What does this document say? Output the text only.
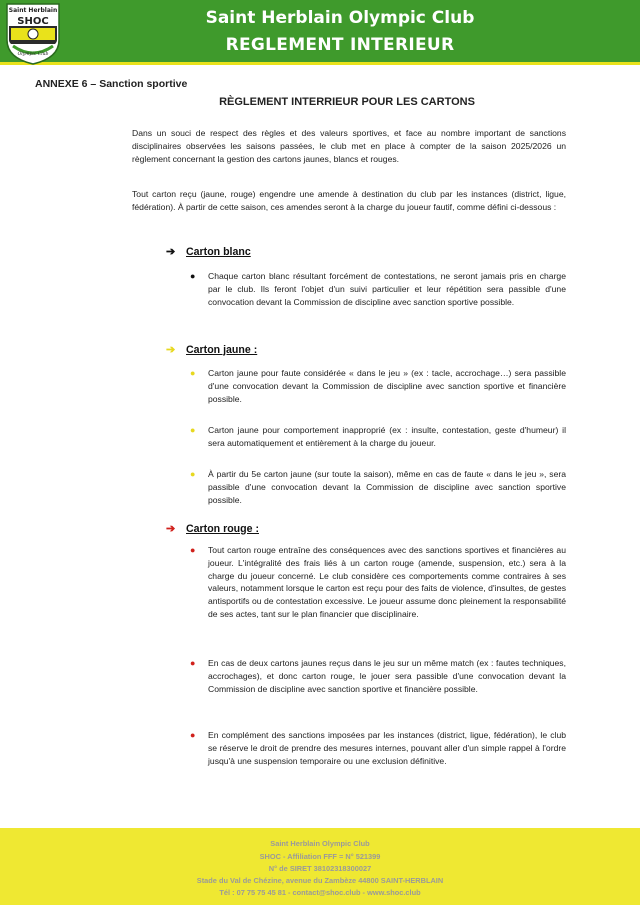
Saint Herblain
SHOC
Olympic Club
Saint Herblain Olympic Club
REGLEMENT INTERIEUR
ANNEXE 6 – Sanction sportive
RÈGLEMENT INTERRIEUR POUR LES CARTONS
Dans un souci de respect des règles et des valeurs sportives, et face au nombre important de sanctions disciplinaires observées les saisons passées, le club met en place à compter de la saison 2025/2026 un règlement concernant la gestion des cartons jaunes, blancs et rouges.
Tout carton reçu (jaune, rouge) engendre une amende à destination du club par les instances (district, ligue, fédération). À partir de cette saison, ces amendes seront à la charge du joueur fautif, comme défini ci-dessous :
➔ Carton blanc
● Chaque carton blanc résultant forcément de contestations, ne seront jamais pris en charge par le club. Ils feront l'objet d'un suivi particulier et leur répétition sera passible d'une convocation devant la Commission de discipline avec sanction sportive possible.
➔ Carton jaune :
● Carton jaune pour faute considérée « dans le jeu » (ex : tacle, accrochage…) sera passible d'une convocation devant la Commission de discipline avec sanction sportive et financière possible.
● Carton jaune pour comportement inapproprié (ex : insulte, contestation, geste d'humeur) il sera automatiquement et entièrement à la charge du joueur.
● À partir du 5e carton jaune (sur toute la saison), même en cas de faute « dans le jeu », sera passible d'une convocation devant la Commission de discipline avec sanction sportive possible.
➔ Carton rouge :
● Tout carton rouge entraîne des conséquences avec des sanctions sportives et financières au joueur. L'intégralité des frais liés à un carton rouge (amende, suspension, etc.) sera à la charge du joueur concerné. Le club considère ces comportements comme contraires à ses valeurs, notamment lorsque le carton est reçu pour des faits de violence, d'insultes, de gestes antisportifs ou de contestation excessive. Le joueur assume donc pleinement la responsabilité de ses actes, tant sur le plan financier que disciplinaire.
● En cas de deux cartons jaunes reçus dans le jeu sur un même match (ex : fautes techniques, accrochages), et donc carton rouge, le jouer sera passible d'une convocation devant la Commission de discipline avec sanction sportive et financière possible.
● En complément des sanctions imposées par les instances (district, ligue, fédération), le club se réserve le droit de prendre des mesures internes, pouvant aller d'un simple rappel à l'ordre jusqu'à une suspension temporaire ou une exclusion définitive.
Saint Herblain Olympic Club
SHOC - Affiliation FFF = N° 521399
N° de SIRET 38102318300027
Stade du Val de Chézine, avenue du Zambèze 44800 SAINT-HERBLAIN
Tél : 07 75 75 45 81 - contact@shoc.club - www.shoc.club
